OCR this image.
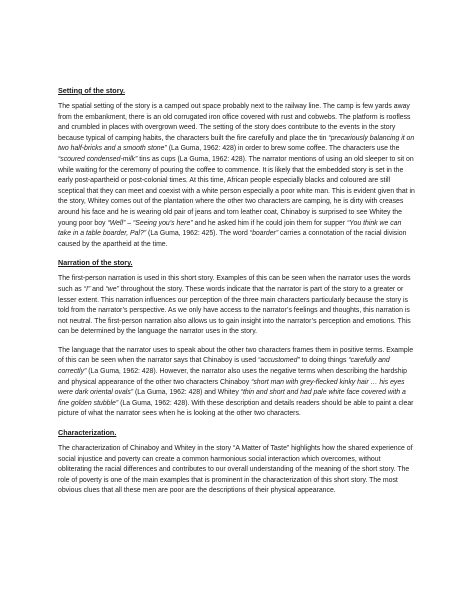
Setting of the story.

The spatial setting of the story is a camped out space probably next to the railway line. The camp is few yards away from the embankment, there is an old corrugated iron office covered with rust and cobwebs. The platform is roofless and crumbled in places with overgrown weed. The setting of the story does contribute to the events in the story because typical of camping habits, the characters built the fire carefully and place the tin “precariously balancing it on two half-bricks and a smooth stone” (La Guma, 1962: 428) in order to brew some coffee. The characters use the “scoured condensed-milk” tins as cups (La Guma, 1962: 428). The narrator mentions of using an old sleeper to sit on while waiting for the ceremony of pouring the coffee to commence. It is likely that the embedded story is set in the early post-apartheid or post-colonial times. At this time, African people especially blacks and coloured are still sceptical that they can meet and coexist with a white person especially a poor white man. This is evident given that in the story, Whitey comes out of the plantation where the other two characters are camping, he is dirty with creases around his face and he is wearing old pair of jeans and torn leather coat, Chinaboy is surprised to see Whitey the young poor boy “Well” – “Seeing you’s here” and he asked him if he could join them for supper “You think we can take in a table boarder, Pal?” (La Guma, 1962: 425). The word “boarder” carries a connotation of the racial division caused by the apartheid at the time.

Narration of the story.

The first-person narration is used in this short story. Examples of this can be seen when the narrator uses the words such as “I” and “we” throughout the story. These words indicate that the narrator is part of the story to a greater or lesser extent. This narration influences our perception of the three main characters particularly because the story is told from the narrator’s perspective. As we only have access to the narrator’s feelings and thoughts, this narration is not neutral. The first-person narration also allows us to gain insight into the narrator’s perception and emotions. This can be determined by the language the narrator uses in the story.

The language that the narrator uses to speak about the other two characters frames them in positive terms. Example of this can be seen when the narrator says that Chinaboy is used “accustomed” to doing things “carefully and correctly” (La Guma, 1962: 428). However, the narrator also uses the negative terms when describing the hardship and physical appearance of the other two characters Chinaboy “short man with grey-flecked kinky hair … his eyes were dark oriental ovals” (La Guma, 1962: 428) and Whitey “thin and short and had pale white face covered with a fine golden stubble” (La Guma, 1962: 428). With these description and details readers should be able to paint a clear picture of what the narrator sees when he is looking at the other two characters.

Characterization.

The characterization of Chinaboy and Whitey in the story “A Matter of Taste” highlights how the shared experience of social injustice and poverty can create a common harmonious social interaction which overcomes, without obliterating the racial differences and contributes to our overall understanding of the meaning of the short story. The role of poverty is one of the main examples that is prominent in the characterization of this short story. The most obvious clues that all these men are poor are the descriptions of their physical appearance.
